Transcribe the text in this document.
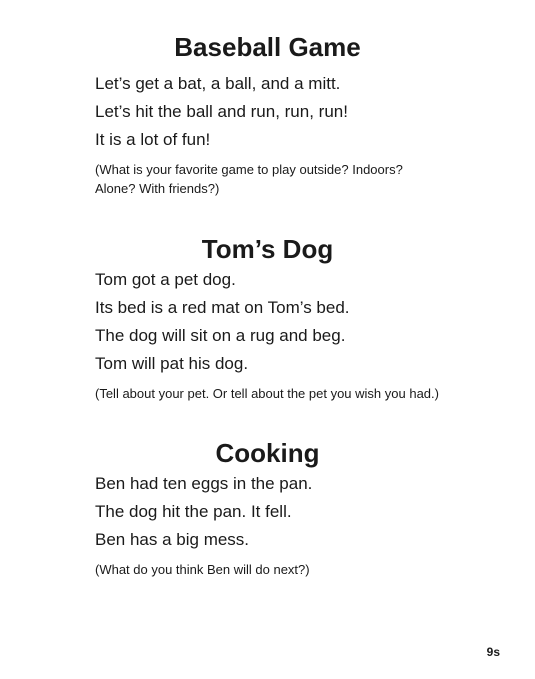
Baseball Game
Let’s get a bat, a ball, and a mitt.
Let’s hit the ball and run, run, run!
It is a lot of fun!
(What is your favorite game to play outside? Indoors?
Alone? With friends?)
Tom’s Dog
Tom got a pet dog.
Its bed is a red mat on Tom’s bed.
The dog will sit on a rug and beg.
Tom will pat his dog.
(Tell about your pet. Or tell about the pet you wish you had.)
Cooking
Ben had ten eggs in the pan.
The dog hit the pan. It fell.
Ben has a big mess.
(What do you think Ben will do next?)
9s
